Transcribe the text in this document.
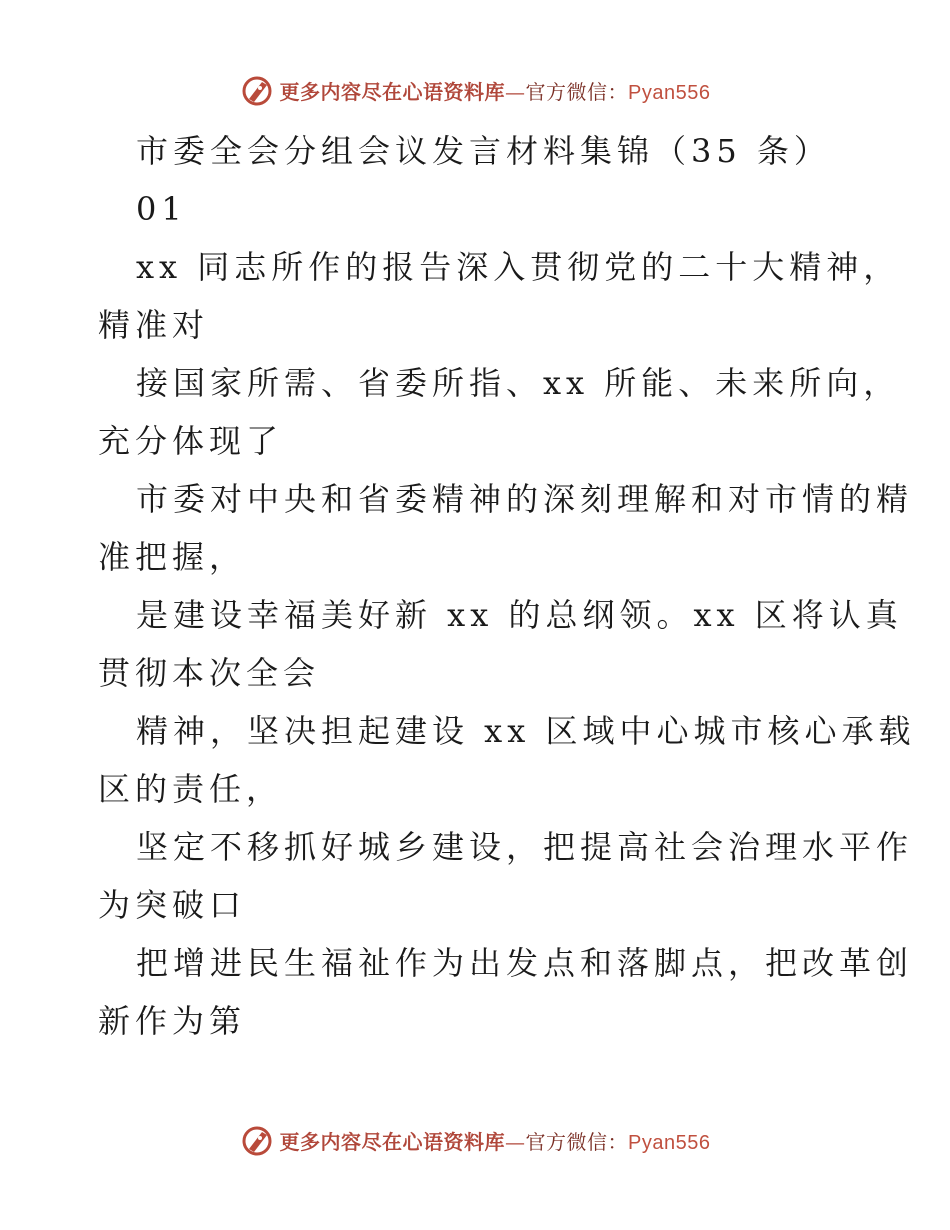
更多内容尽在心语资料库—官方微信：Pyan556
市委全会分组会议发言材料集锦（35 条）
01
xx 同志所作的报告深入贯彻党的二十大精神，
精准对
接国家所需、省委所指、xx 所能、未来所向，
充分体现了
市委对中央和省委精神的深刻理解和对市情的精
准把握，
是建设幸福美好新 xx 的总纲领。xx 区将认真
贯彻本次全会
精神，坚决担起建设 xx 区域中心城市核心承载
区的责任，
坚定不移抓好城乡建设，把提高社会治理水平作
为突破口
把增进民生福祉作为出发点和落脚点，把改革创
新作为第
更多内容尽在心语资料库—官方微信：Pyan556
